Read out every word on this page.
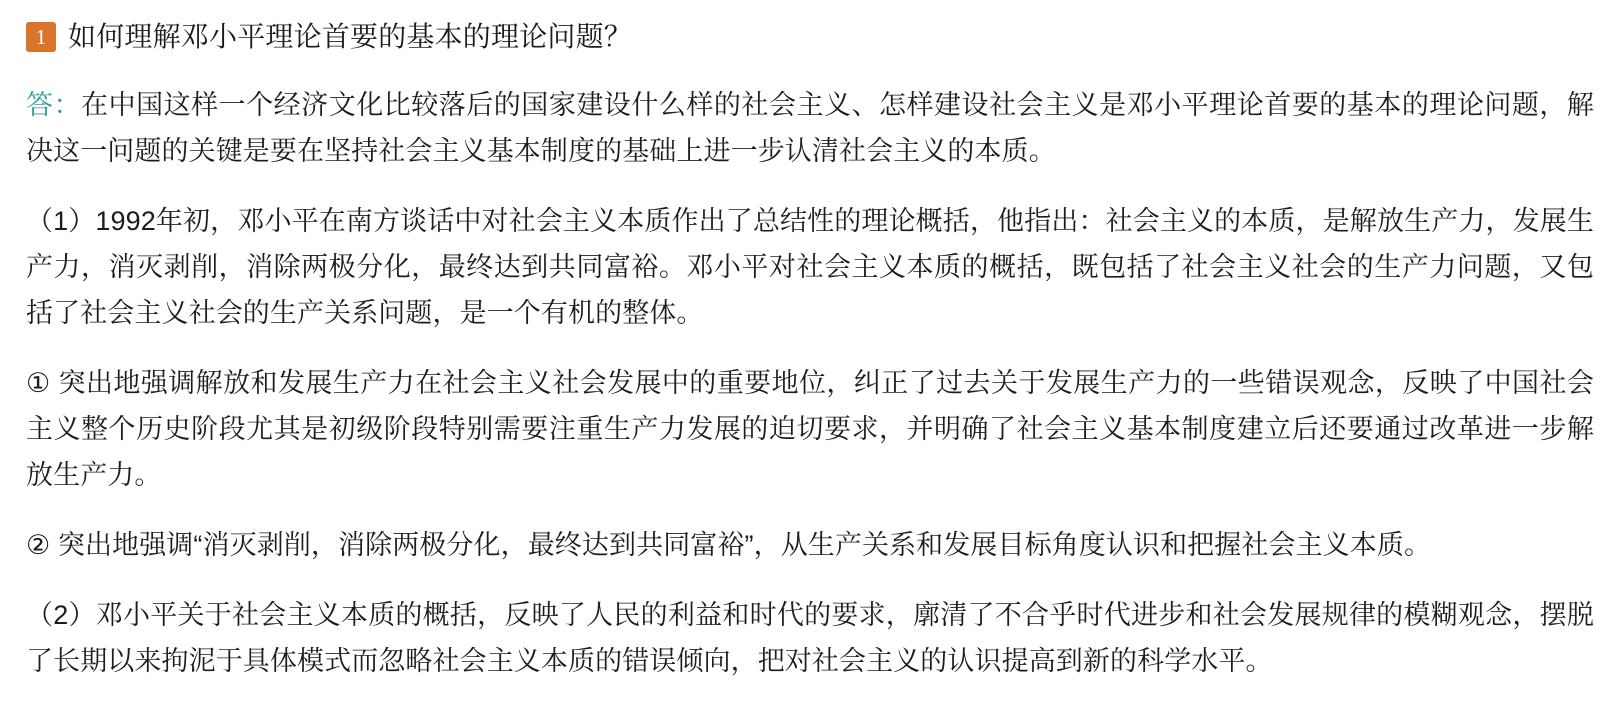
1 如何理解邓小平理论首要的基本的理论问题？

答：在中国这样一个经济文化比较落后的国家建设什么样的社会主义、怎样建设社会主义是邓小平理论首要的基本的理论问题，解决这一问题的关键是要在坚持社会主义基本制度的基础上进一步认清社会主义的本质。

（1）1992年初，邓小平在南方谈话中对社会主义本质作出了总结性的理论概括，他指出：社会主义的本质，是解放生产力，发展生产力，消灭剥削，消除两极分化，最终达到共同富裕。邓小平对社会主义本质的概括，既包括了社会主义社会的生产力问题，又包括了社会主义社会的生产关系问题，是一个有机的整体。

① 突出地强调解放和发展生产力在社会主义社会发展中的重要地位，纠正了过去关于发展生产力的一些错误观念，反映了中国社会主义整个历史阶段尤其是初级阶段特别需要注重生产力发展的迫切要求，并明确了社会主义基本制度建立后还要通过改革进一步解放生产力。

② 突出地强调“消灭剥削，消除两极分化，最终达到共同富裕”，从生产关系和发展目标角度认识和把握社会主义本质。

（2）邓小平关于社会主义本质的概括，反映了人民的利益和时代的要求，廓清了不合乎时代进步和社会发展规律的模糊观念，摆脱了长期以来拘泥于具体模式而忽略社会主义本质的错误倾向，把对社会主义的认识提高到新的科学水平。
